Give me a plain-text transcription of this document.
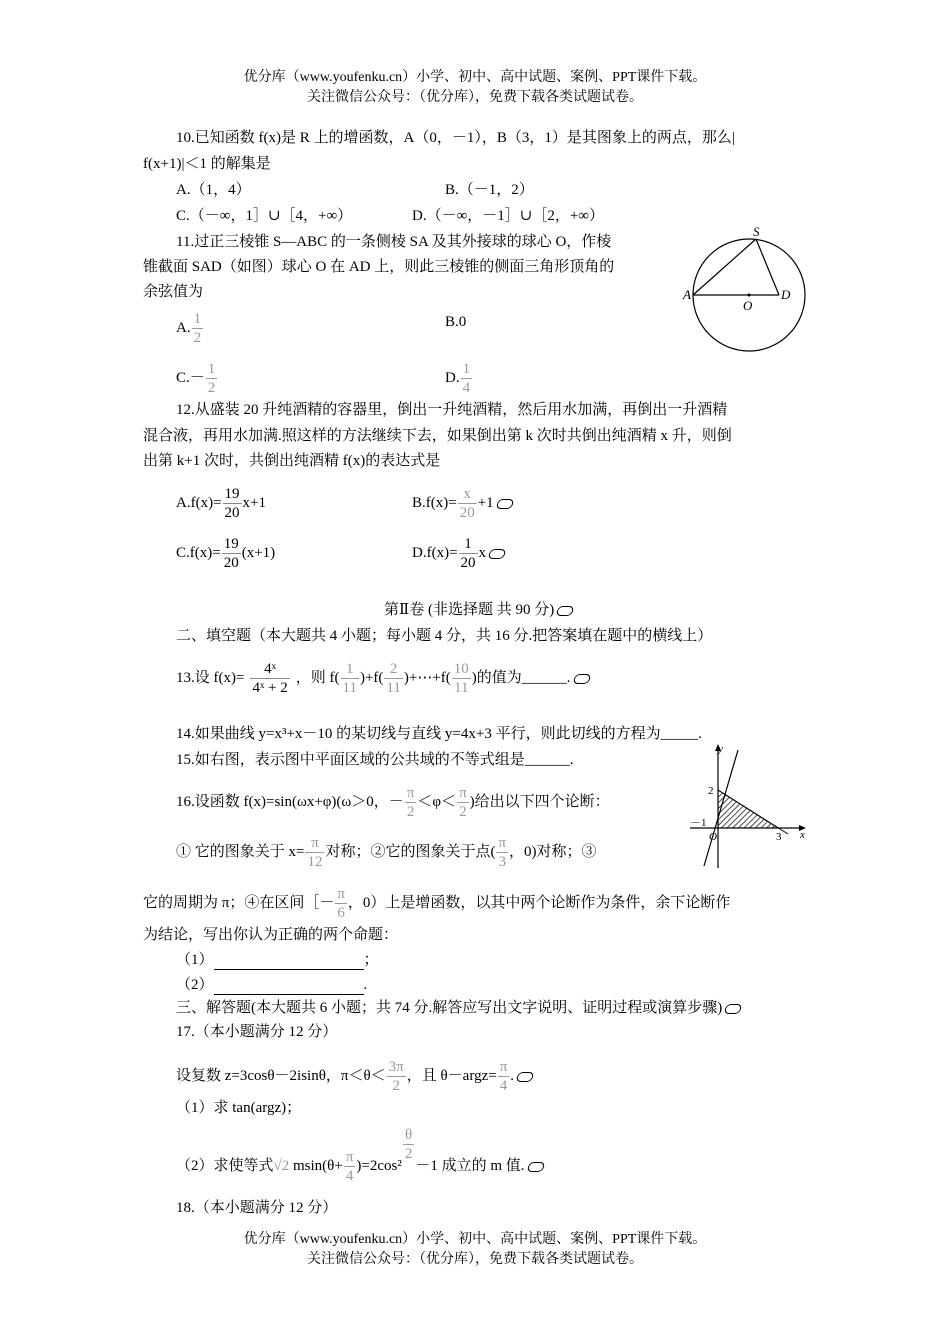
优分库（www.youfenku.cn）小学、初中、高中试题、案例、PPT课件下载。
关注微信公众号：（优分库），免费下载各类试题试卷。
10.已知函数 f(x)是 R 上的增函数，A（0，－1），B（3，1）是其图象上的两点，那么|
f(x+1)|＜1 的解集是
A.（1，4）	B.（－1，2）
C.（－∞，1］∪［4，+∞）	D.（－∞，－1］∪［2，+∞）
11.过正三棱锥 S—ABC 的一条侧棱 SA 及其外接球的球心 O，作棱
锥截面 SAD（如图）球心 O 在 AD 上，则此三棱锥的侧面三角形顶角的
余弦值为
A. $\frac{1}{2}$	B.0
$C.- \frac{1}{2}$	D. $\frac{1}{4}$
S
A
O
D
12.从盛装 20 升纯酒精的容器里，倒出一升纯酒精，然后用水加满，再倒出一升酒精
混合液，再用水加满.照这样的方法继续下去，如果倒出第 k 次时共倒出纯酒精 x 升，则倒
出第 k+1 次时，共倒出纯酒精 f(x)的表达式是
$A.f(x)= \frac{19}{20} x+1$	$B.f(x)= \frac{x}{20} +1$
$C.f(x)= \frac{19}{20} (x+1)$	$D.f(x)= \frac{1}{20}$ x
第Ⅱ卷 (非选择题 共 90 分)
二、填空题（本大题共 4 小题；每小题 4 分，共 16 分.把答案填在题中的横线上）
13.设 $f(x)= \frac{\text{4ˣ}}{\text{4ˣ + 2}}$ ，则 $f( \frac{1}{11} )+f( \frac{2}{11}$ )+⋯+f( $\frac{10}{11}$ )的值为______.
14.如果曲线 y=x³+x－10 的某切线与直线 y=4x+3 平行，则此切线的方程为_____.
15.如右图，表示图中平面区域的公共域的不等式组是______.
16.设函数 f(x)=sin(ωx+φ)(ω＞0，－ $\frac{\pi}{2} <\varphi< \frac{\pi}{2}$ )给出以下四个论断：
① 它的图象关于 $x= \frac{\pi}{12}$ 对称；②它的图象关于点( $\frac{\pi}{3}$ ，0)对称；③
它的周期为 π；④在区间［－ $\frac{\pi}{6}$ ，0）上是增函数，以其中两个论断作为条件，余下论断作
为结论，写出你认为正确的两个命题：
（1）	；
（2）	.
y
x
2
－1
O	3
三、解答题(本大题共 6 小题；共 74 分.解答应写出文字说明、证明过程或演算步骤)
17.（本小题满分 12 分）
设复数 z=3cosθ－2isinθ，$\pi<\theta< \frac{3\pi}{2}$ ，且 θ－argz= $\frac{\pi}{4}$ .
（1）求 tan(argz)；
（2）求使等式√2 $msin(\theta+ \frac{\pi}{4} )=2\cos^2$
$\frac{\theta}{2}$
－1 成立的 m 值.
18.（本小题满分 12 分）
优分库（www.youfenku.cn）小学、初中、高中试题、案例、PPT课件下载。
关注微信公众号：（优分库），免费下载各类试题试卷。
